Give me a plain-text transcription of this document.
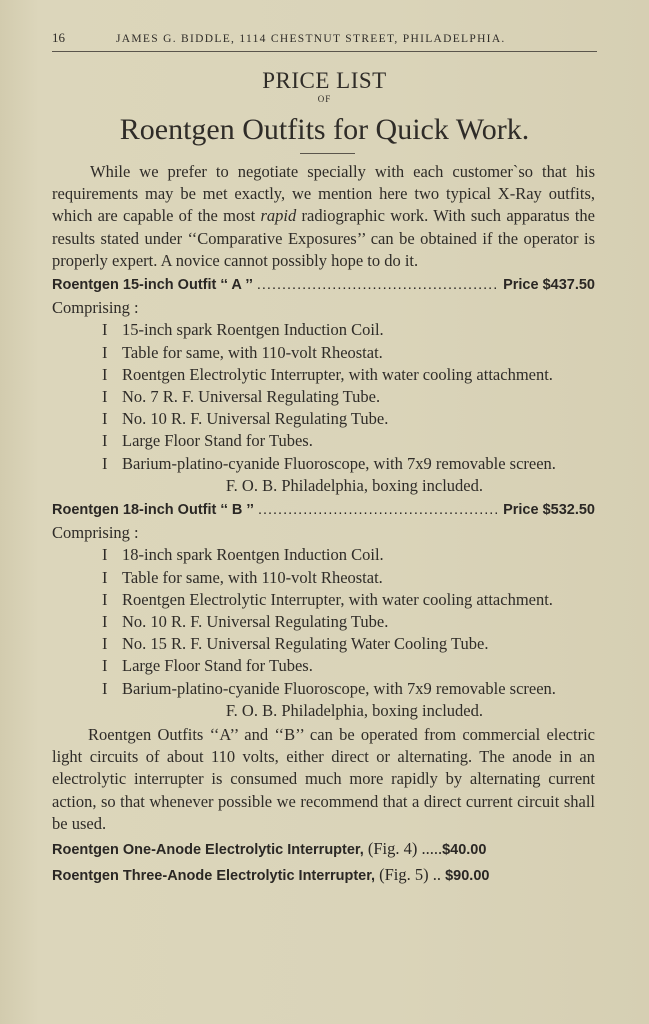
16	JAMES G. BIDDLE, 1114 CHESTNUT STREET, PHILADELPHIA.
PRICE LIST
OF
Roentgen Outfits for Quick Work.
While we prefer to negotiate specially with each customer`so that his requirements may be met exactly, we mention here two typical X-Ray outfits, which are capable of the most rapid radiographic work. With such apparatus the results stated under ‘‘Comparative Exposures’’ can be obtained if the operator is properly expert. A novice cannot possibly hope to do it.
Roentgen 15-inch Outfit ‘‘ A ’’ .....	Price $437.50
Comprising :
I 15-inch spark Roentgen Induction Coil.
I Table for same, with 110-volt Rheostat.
I Roentgen Electrolytic Interrupter, with water cooling attachment.
I No. 7 R. F. Universal Regulating Tube.
I No. 10 R. F. Universal Regulating Tube.
I Large Floor Stand for Tubes.
I Barium-platino-cyanide Fluoroscope, with 7x9 removable screen.
F. O. B. Philadelphia, boxing included.
Roentgen 18-inch Outfit ‘‘ B ’’ .....	Price $532.50
Comprising :
I 18-inch spark Roentgen Induction Coil.
I Table for same, with 110-volt Rheostat.
I Roentgen Electrolytic Interrupter, with water cooling attachment.
I No. 10 R. F. Universal Regulating Tube.
I No. 15 R. F. Universal Regulating Water Cooling Tube.
I Large Floor Stand for Tubes.
I Barium-platino-cyanide Fluoroscope, with 7x9 removable screen.
F. O. B. Philadelphia, boxing included.
Roentgen Outfits ‘‘A’’ and ‘‘B’’ can be operated from commercial electric light circuits of about 110 volts, either direct or alternating. The anode in an electrolytic interrupter is consumed much more rapidly by alternating current action, so that whenever possible we recommend that a direct current circuit shall be used.
Roentgen One-Anode Electrolytic Interrupter, (Fig. 4) .....$40.00
Roentgen Three-Anode Electrolytic Interrupter, (Fig. 5) .. $90.00
